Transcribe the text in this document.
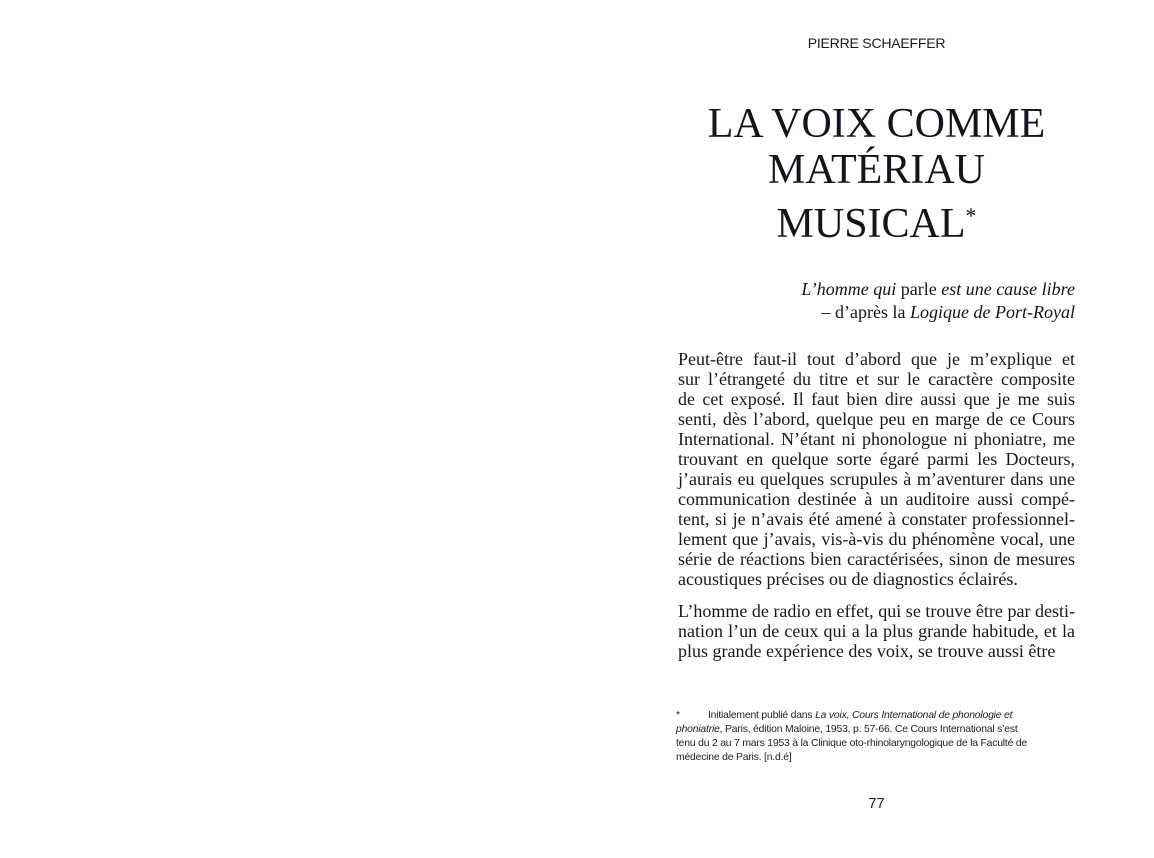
PIERRE SCHAEFFER
LA VOIX COMME
MATÉRIAU
MUSICAL*
L’homme qui parle est une cause libre
– d’après la Logique de Port-Royal
Peut-être faut-il tout d’abord que je m’explique et
sur l’étrangeté du titre et sur le caractère composite
de cet exposé. Il faut bien dire aussi que je me suis
senti, dès l’abord, quelque peu en marge de ce Cours
International. N’étant ni phonologue ni phoniatre, me
trouvant en quelque sorte égaré parmi les Docteurs,
j’aurais eu quelques scrupules à m’aventurer dans une
communication destinée à un auditoire aussi compé-
tent, si je n’avais été amené à constater professionnel-
lement que j’avais, vis-à-vis du phénomène vocal, une
série de réactions bien caractérisées, sinon de mesures
acoustiques précises ou de diagnostics éclairés.
L’homme de radio en effet, qui se trouve être par desti-
nation l’un de ceux qui a la plus grande habitude, et la
plus grande expérience des voix, se trouve aussi être
*	Initialement publié dans La voix, Cours International de phonologie et
phoniatrie, Paris, édition Maloine, 1953, p. 57-66. Ce Cours International s’est
tenu du 2 au 7 mars 1953 à la Clinique oto-rhinolaryngologique de la Faculté de
médecine de Paris. [n.d.é]
77
